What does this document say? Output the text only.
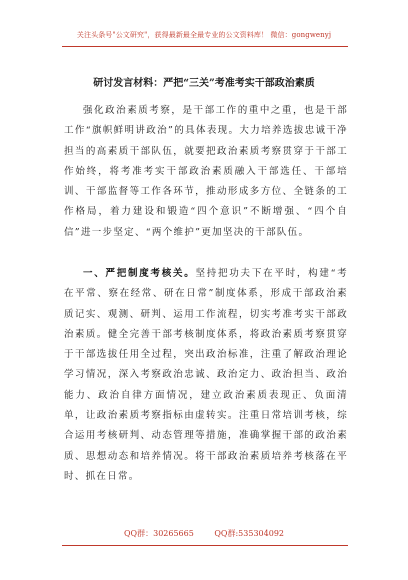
关注头条号"公文研究"，获得最新最全最专业的公文资料库！ 微信：gongwenyj
研讨发言材料：严把“三关”考准考实干部政治素质

强化政治素质考察，是干部工作的重中之重，也是干部工作“旗帜鲜明讲政治”的具体表现。大力培养选拔忠诚干净担当的高素质干部队伍，就要把政治素质考察贯穿于干部工作始终，将考准考实干部政治素质融入干部选任、干部培训、干部监督等工作各环节，推动形成多方位、全链条的工作格局，着力建设和锻造“四个意识”不断增强、“四个自信”进一步坚定、“两个维护”更加坚决的干部队伍。

一、严把制度考核关。坚持把功夫下在平时，构建“考在平常、察在经常、研在日常”制度体系，形成干部政治素质记实、观测、研判、运用工作流程，切实考准考实干部政治素质。健全完善干部考核制度体系，将政治素质考察贯穿于干部选拔任用全过程，突出政治标准，注重了解政治理论学习情况，深入考察政治忠诚、政治定力、政治担当、政治能力、政治自律方面情况，建立政治素质表现正、负面清单，让政治素质考察指标由虚转实。注重日常培训考核，综合运用考核研判、动态管理等措施，准确掌握干部的政治素质、思想动态和培养情况。将干部政治素质培养考核落在平时、抓在日常。

QQ群：30265665	QQ群:535304092
